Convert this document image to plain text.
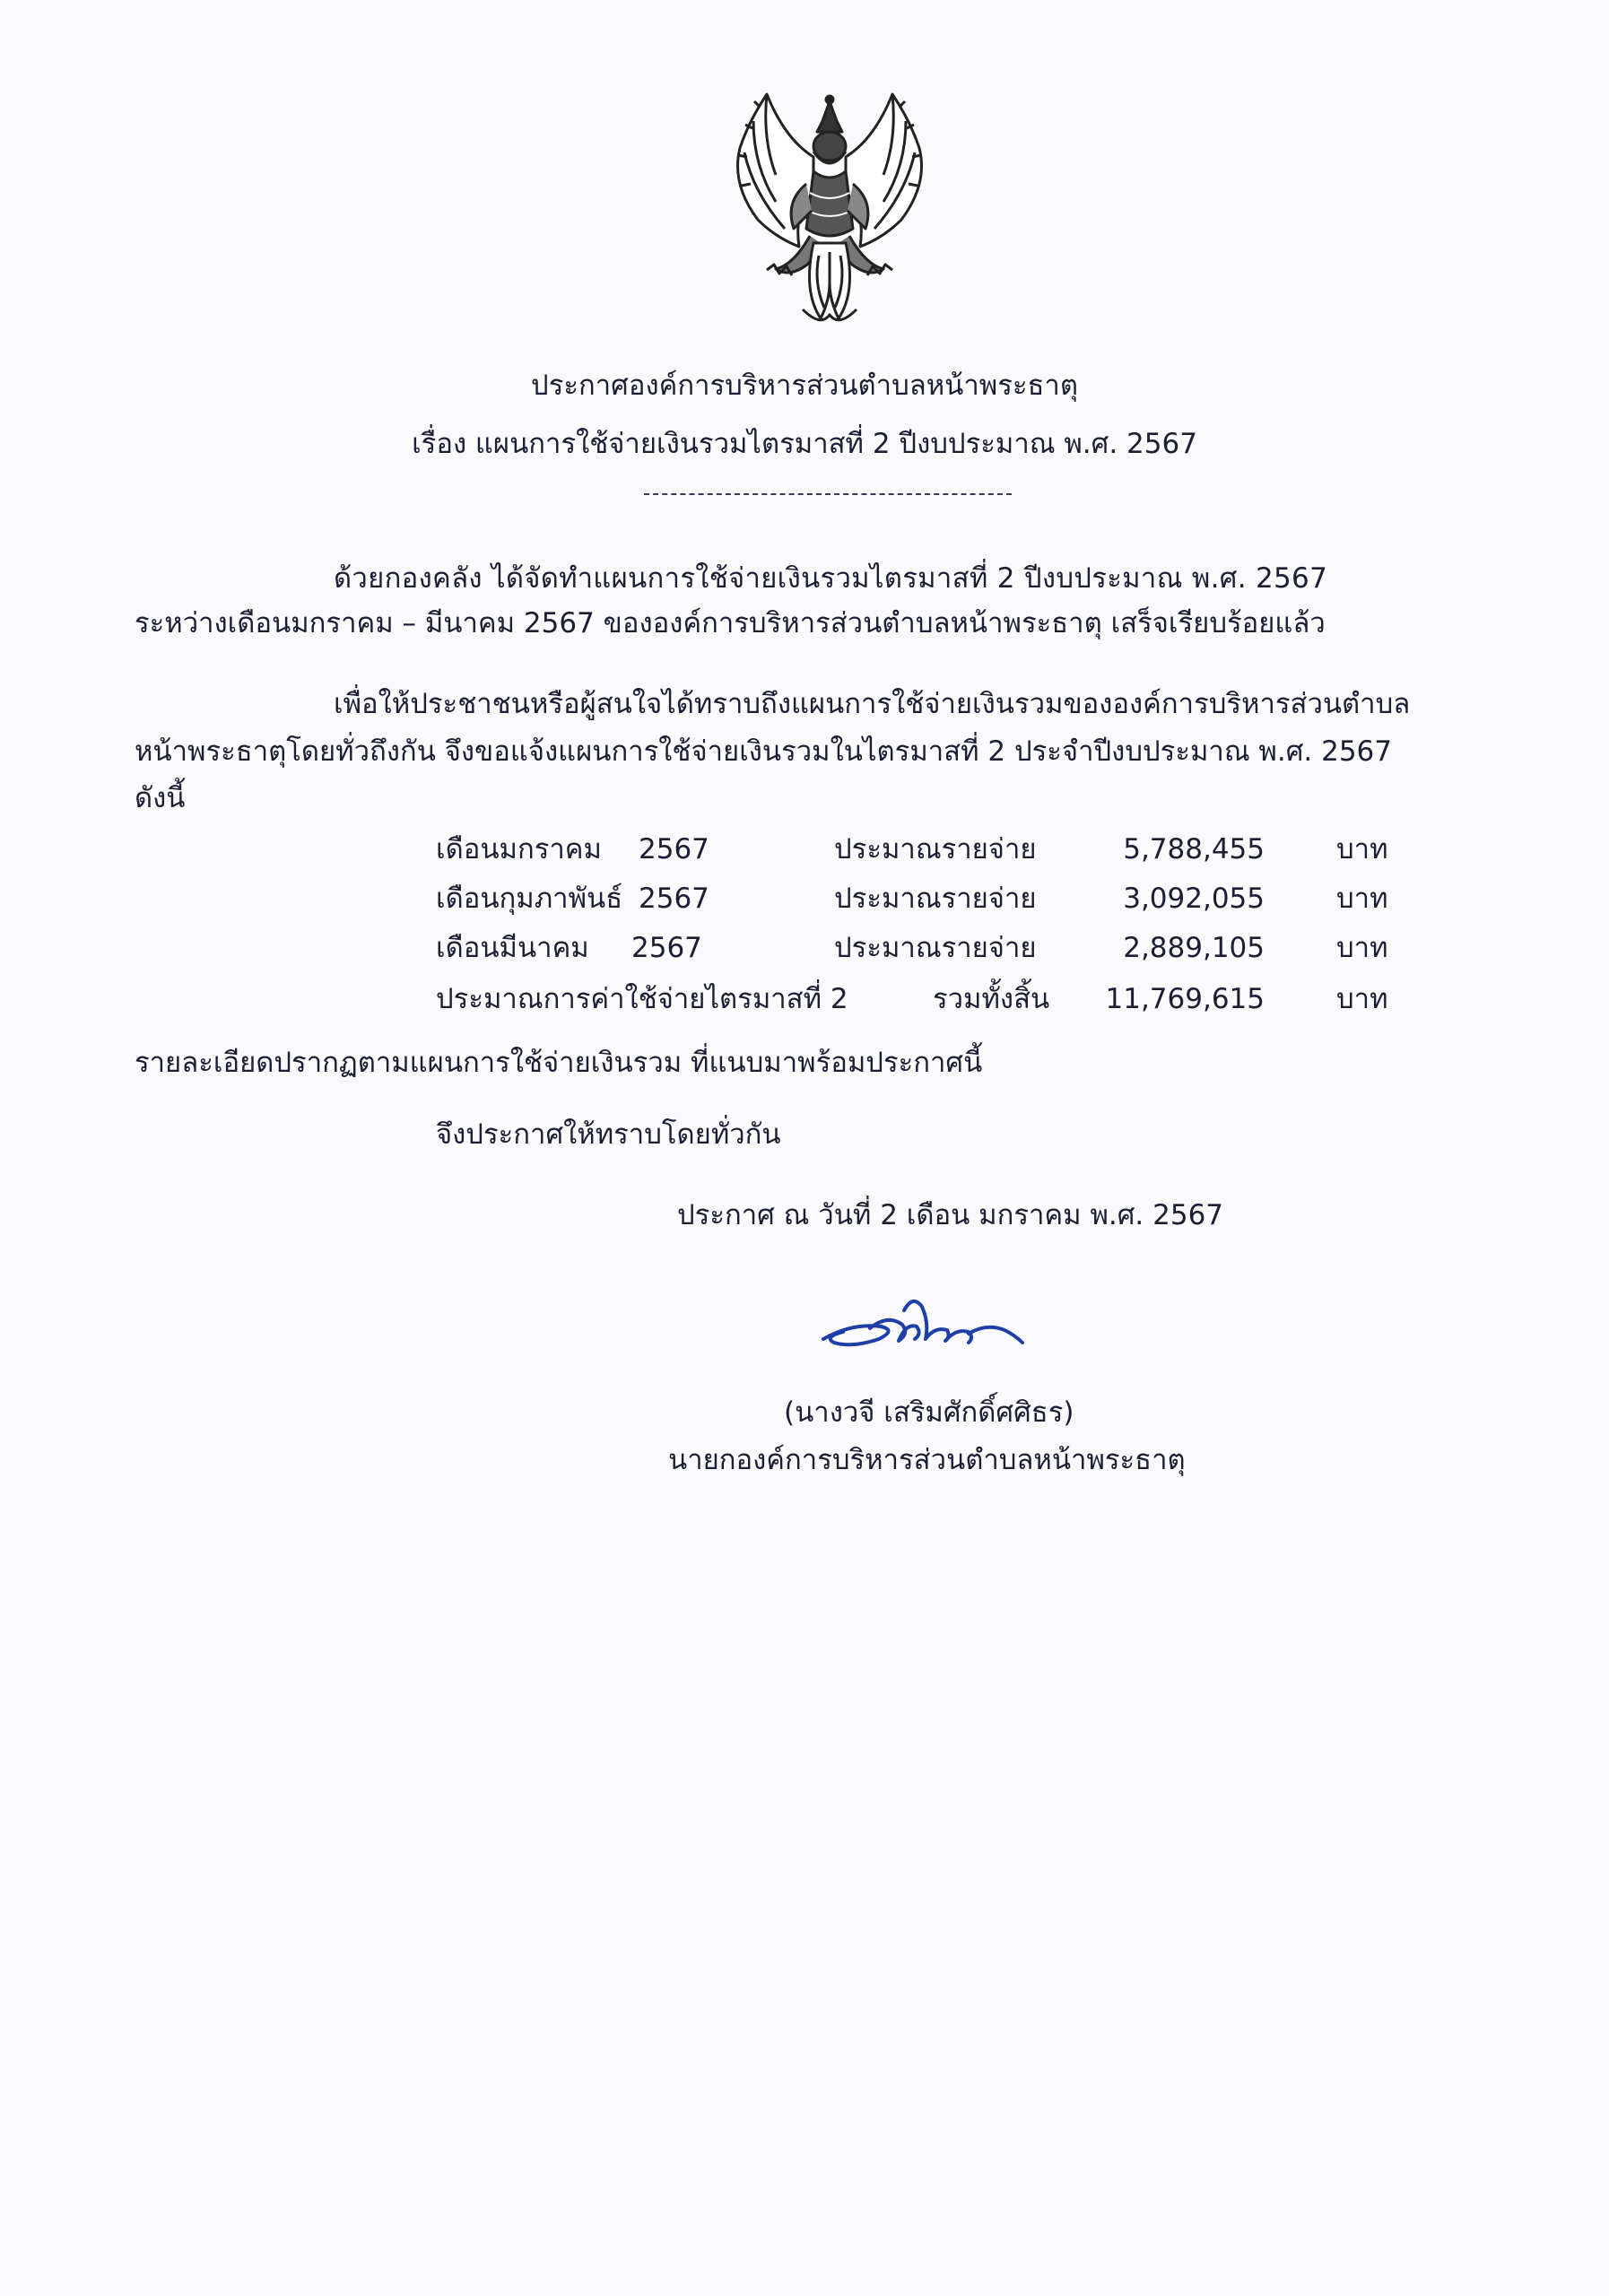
ประกาศองค์การบริหารส่วนตำบลหน้าพระธาตุ
เรื่อง แผนการใช้จ่ายเงินรวมไตรมาสที่ 2 ปีงบประมาณ พ.ศ. 2567
ด้วยกองคลัง ได้จัดทำแผนการใช้จ่ายเงินรวมไตรมาสที่ 2 ปีงบประมาณ พ.ศ. 2567
ระหว่างเดือนมกราคม – มีนาคม 2567 ขององค์การบริหารส่วนตำบลหน้าพระธาตุ เสร็จเรียบร้อยแล้ว
เพื่อให้ประชาชนหรือผู้สนใจได้ทราบถึงแผนการใช้จ่ายเงินรวมขององค์การบริหารส่วนตำบล
หน้าพระธาตุโดยทั่วถึงกัน จึงขอแจ้งแผนการใช้จ่ายเงินรวมในไตรมาสที่ 2 ประจำปีงบประมาณ พ.ศ. 2567
ดังนี้
เดือนมกราคม 2567	ประมาณรายจ่าย	5,788,455	บาท
เดือนกุมภาพันธ์ 2567	ประมาณรายจ่าย	3,092,055	บาท
เดือนมีนาคม 2567	ประมาณรายจ่าย	2,889,105	บาท
ประมาณการค่าใช้จ่ายไตรมาสที่ 2	รวมทั้งสิ้น	11,769,615	บาท
รายละเอียดปรากฏตามแผนการใช้จ่ายเงินรวม ที่แนบมาพร้อมประกาศนี้
จึงประกาศให้ทราบโดยทั่วกัน
ประกาศ ณ วันที่ 2 เดือน มกราคม พ.ศ. 2567
(นางวจี เสริมศักดิ์ศศิธร)
นายกองค์การบริหารส่วนตำบลหน้าพระธาตุ
